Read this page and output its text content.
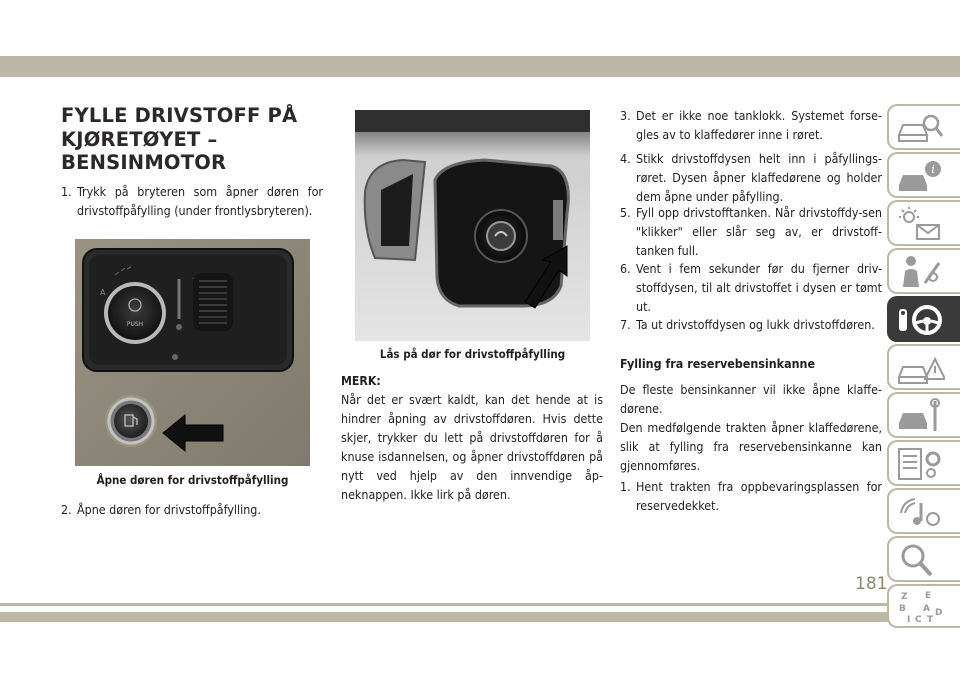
FYLLE DRIVSTOFF PÅ
KJØRETØYET –
BENSINMOTOR
1. Trykk på bryteren som åpner døren for drivstoffpåfylling (under frontlysbryteren).
PUSH
A
Åpne døren for drivstoffpåfylling
2. Åpne døren for drivstoffpåfylling.
Lås på dør for drivstoffpåfylling
MERK:
Når det er svært kaldt, kan det hende at is hindrer åpning av drivstoffdøren. Hvis dette skjer, trykker du lett på drivstoffdøren for å knuse isdannelsen, og åpner drivstoffdøren på nytt ved hjelp av den innvendige åp-neknappen. Ikke lirk på døren.
3. Det er ikke noe tanklokk. Systemet forse-gles av to klaffedører inne i røret.
4. Stikk drivstoffdysen helt inn i påfyllings-røret. Dysen åpner klaffedørene og holder dem åpne under påfylling.
5. Fyll opp drivstofftanken. Når drivstoffdy-sen "klikker" eller slår seg av, er drivstoff-tanken full.
6. Vent i fem sekunder før du fjerner driv-stoffdysen, til alt drivstoffet i dysen er tømt ut.
7. Ta ut drivstoffdysen og lukk drivstoffdøren.
Fylling fra reservebensinkanne
De fleste bensinkanner vil ikke åpne klaffe-dørene.
Den medfølgende trakten åpner klaffedørene, slik at fylling fra reservebensinkanne kan gjennomføres.
1. Hent trakten fra oppbevaringsplassen for reservedekket.
i
Z E
B A
I C T
D
181
